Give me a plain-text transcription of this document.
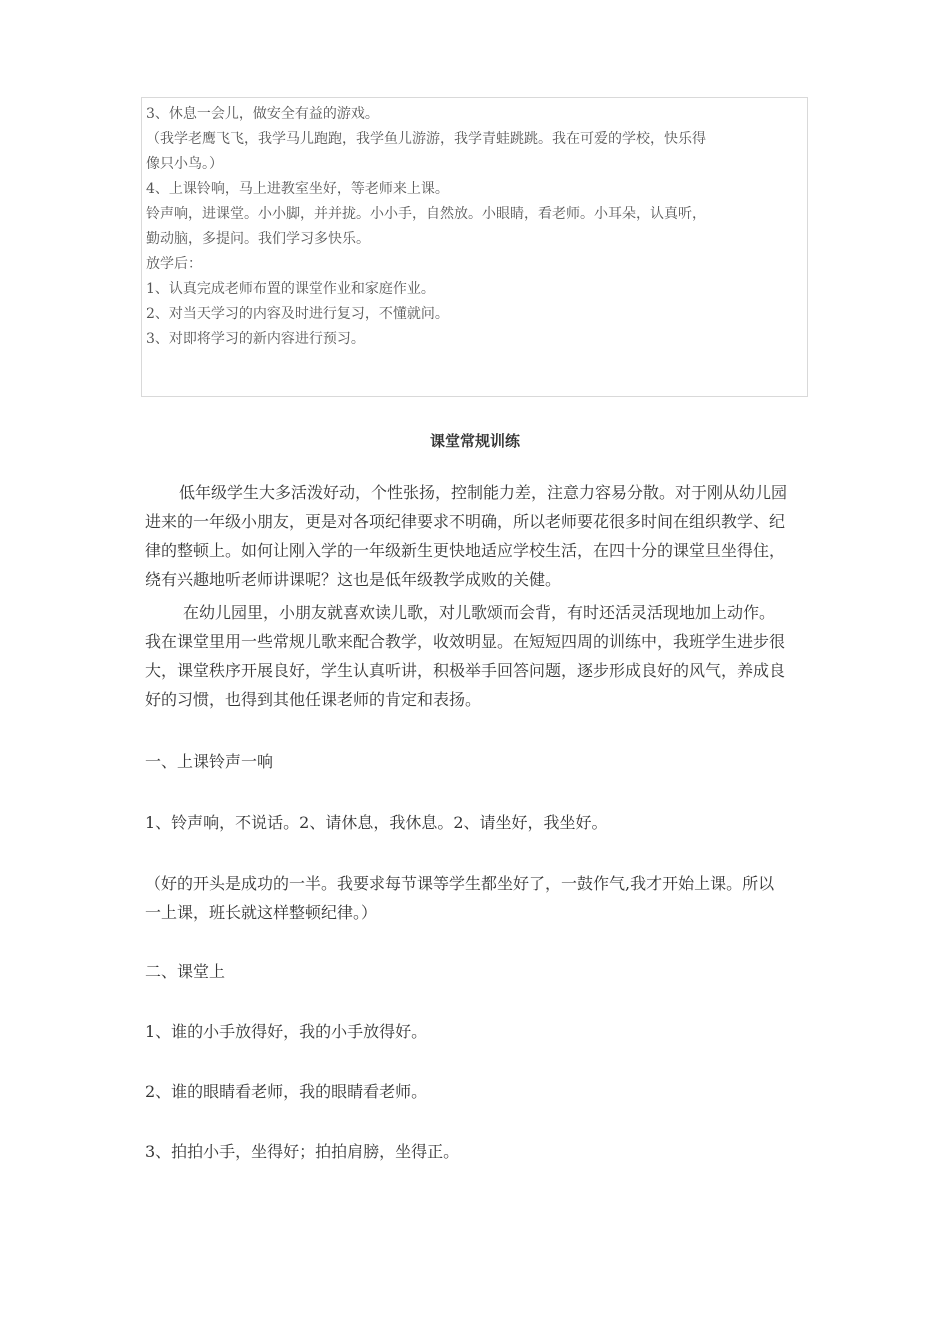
3、休息一会儿，做安全有益的游戏。

（我学老鹰飞飞，我学马儿跑跑，我学鱼儿游游，我学青蛙跳跳。我在可爱的学校，快乐得

像只小鸟。）

4、上课铃响，马上进教室坐好，等老师来上课。

铃声响，进课堂。小小脚，并并拢。小小手，自然放。小眼睛，看老师。小耳朵，认真听，

勤动脑，多提问。我们学习多快乐。

放学后：

1、认真完成老师布置的课堂作业和家庭作业。

2、对当天学习的内容及时进行复习，不懂就问。

3、对即将学习的新内容进行预习。

课堂常规训练

低年级学生大多活泼好动，个性张扬，控制能力差，注意力容易分散。对于刚从幼儿园
进来的一年级小朋友，更是对各项纪律要求不明确，所以老师要花很多时间在组织教学、纪
律的整顿上。如何让刚入学的一年级新生更快地适应学校生活，在四十分的课堂旦坐得住，
绕有兴趣地听老师讲课呢？这也是低年级教学成败的关健。

在幼儿园里，小朋友就喜欢读儿歌，对儿歌颂而会背，有时还活灵活现地加上动作。
我在课堂里用一些常规儿歌来配合教学，收效明显。在短短四周的训练中，我班学生进步很
大，课堂秩序开展良好，学生认真听讲，积极举手回答问题，逐步形成良好的风气，养成良
好的习惯，也得到其他任课老师的肯定和表扬。

一、上课铃声一响

1、铃声响，不说话。2、请休息，我休息。2、请坐好，我坐好。

（好的开头是成功的一半。我要求每节课等学生都坐好了，一鼓作气,我才开始上课。所以
一上课，班长就这样整顿纪律。）

二、课堂上

1、谁的小手放得好，我的小手放得好。

2、谁的眼睛看老师，我的眼睛看老师。

3、拍拍小手，坐得好；拍拍肩膀，坐得正。
